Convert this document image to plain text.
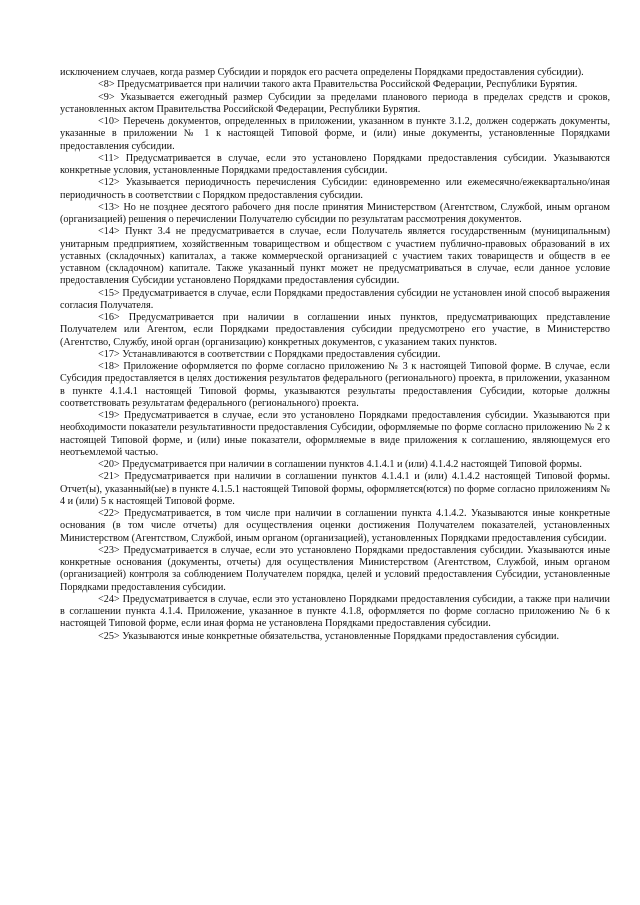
исключением случаев, когда размер Субсидии и порядок его расчета определены Порядками предоставления субсидии).

<8> Предусматривается при наличии такого акта Правительства Российской Федерации, Республики Бурятия.

<9> Указывается ежегодный размер Субсидии за пределами планового периода в пределах средств и сроков, установленных актом Правительства Российской Федерации, Республики Бурятия.

<10> Перечень документов, определенных в приложении, указанном в пункте 3.1.2, должен содержать документы, указанные в приложении № 1 к настоящей Типовой форме, и (или) иные документы, установленные Порядками предоставления субсидии.

<11> Предусматривается в случае, если это установлено Порядками предоставления субсидии. Указываются конкретные условия, установленные Порядками предоставления субсидии.

<12> Указывается периодичность перечисления Субсидии: единовременно или ежемесячно/ежеквартально/иная периодичность в соответствии с Порядком предоставления субсидии.

<13> Но не позднее десятого рабочего дня после принятия Министерством (Агентством, Службой, иным органом (организацией) решения о перечислении Получателю субсидии по результатам рассмотрения документов.

<14> Пункт 3.4 не предусматривается в случае, если Получатель является государственным (муниципальным) унитарным предприятием, хозяйственным товариществом и обществом с участием публично-правовых образований в их уставных (складочных) капиталах, а также коммерческой организацией с участием таких товариществ и обществ в ее уставном (складочном) капитале. Также указанный пункт может не предусматриваться в случае, если данное условие предоставления Субсидии установлено Порядками предоставления субсидии.

<15> Предусматривается в случае, если Порядками предоставления субсидии не установлен иной способ выражения согласия Получателя.

<16> Предусматривается при наличии в соглашении иных пунктов, предусматривающих представление Получателем или Агентом, если Порядками предоставления субсидии предусмотрено его участие, в Министерство (Агентство, Службу, иной орган (организацию) конкретных документов, с указанием таких пунктов.

<17> Устанавливаются в соответствии с Порядками предоставления субсидии.

<18> Приложение оформляется по форме согласно приложению № 3 к настоящей Типовой форме. В случае, если Субсидия предоставляется в целях достижения результатов федерального (регионального) проекта, в приложении, указанном в пункте 4.1.4.1 настоящей Типовой формы, указываются результаты предоставления Субсидии, которые должны соответствовать результатам федерального (регионального) проекта.

<19> Предусматривается в случае, если это установлено Порядками предоставления субсидии. Указываются при необходимости показатели результативности предоставления Субсидии, оформляемые по форме согласно приложению № 2 к настоящей Типовой форме, и (или) иные показатели, оформляемые в виде приложения к соглашению, являющемуся его неотъемлемой частью.

<20> Предусматривается при наличии в соглашении пунктов 4.1.4.1 и (или) 4.1.4.2 настоящей Типовой формы.

<21> Предусматривается при наличии в соглашении пунктов 4.1.4.1 и (или) 4.1.4.2 настоящей Типовой формы. Отчет(ы), указанный(ые) в пункте 4.1.5.1 настоящей Типовой формы, оформляется(ются) по форме согласно приложениям № 4 и (или) 5 к настоящей Типовой форме.

<22> Предусматривается, в том числе при наличии в соглашении пункта 4.1.4.2. Указываются иные конкретные основания (в том числе отчеты) для осуществления оценки достижения Получателем показателей, установленных Министерством (Агентством, Службой, иным органом (организацией), установленных Порядками предоставления субсидии.

<23> Предусматривается в случае, если это установлено Порядками предоставления субсидии. Указываются иные конкретные основания (документы, отчеты) для осуществления Министерством (Агентством, Службой, иным органом (организацией) контроля за соблюдением Получателем порядка, целей и условий предоставления Субсидии, установленные Порядками предоставления субсидии.

<24> Предусматривается в случае, если это установлено Порядками предоставления субсидии, а также при наличии в соглашении пункта 4.1.4. Приложение, указанное в пункте 4.1.8, оформляется по форме согласно приложению № 6 к настоящей Типовой форме, если иная форма не установлена Порядками предоставления субсидии.

<25> Указываются иные конкретные обязательства, установленные Порядками предоставления субсидии.
